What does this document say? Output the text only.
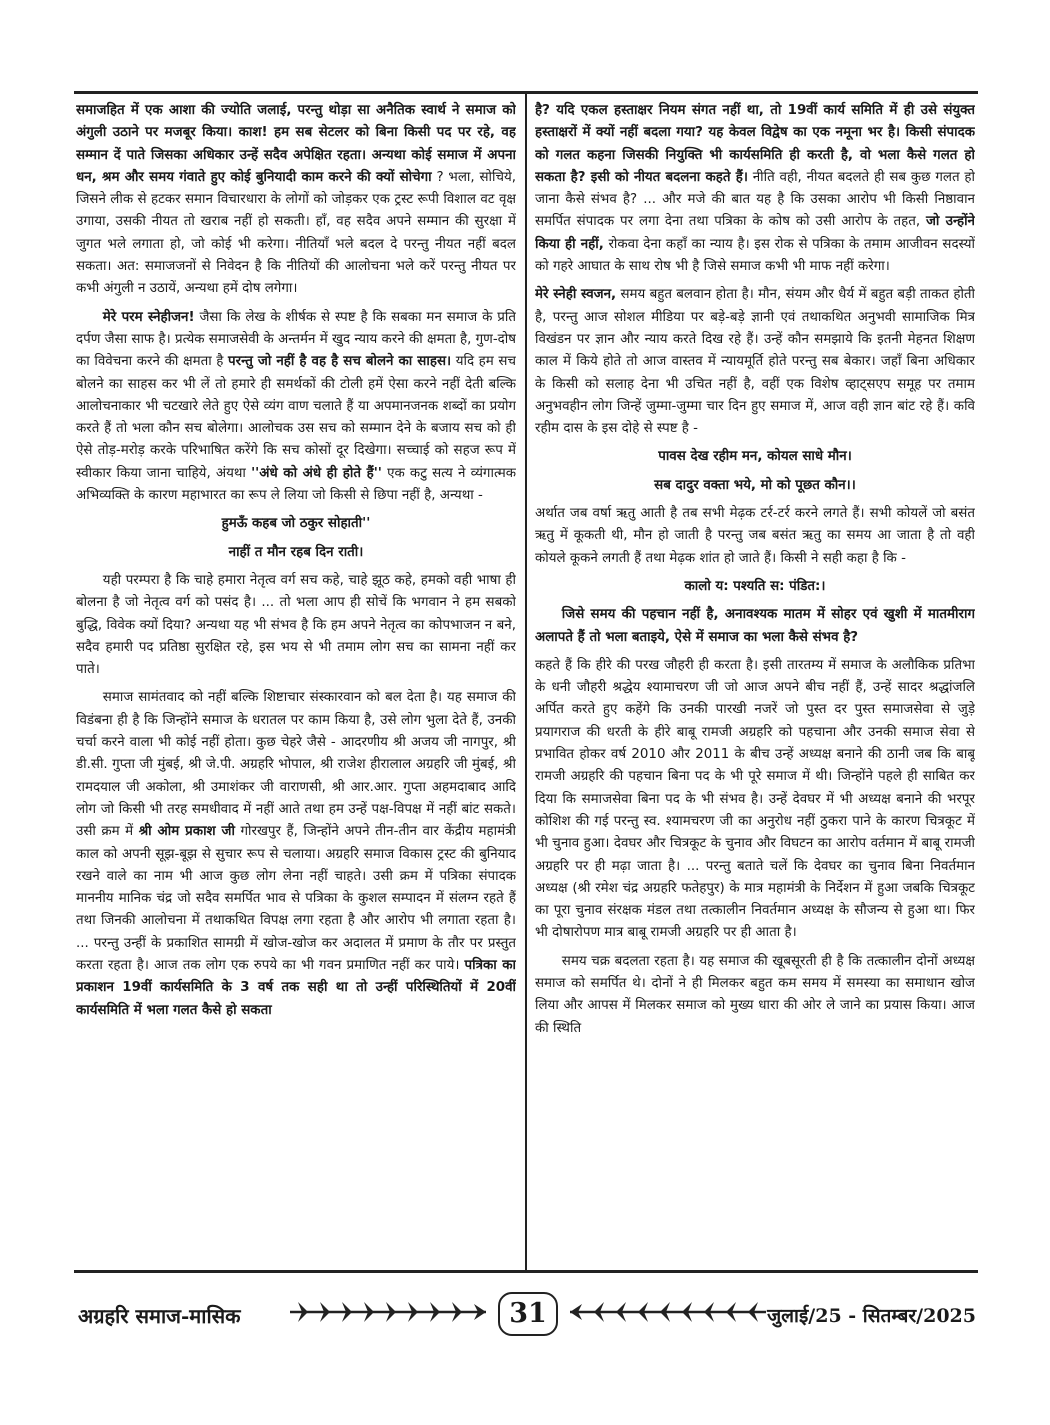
समाजहित में एक आशा की ज्योति जलाई, परन्तु थोड़ा सा अनैतिक स्वार्थ ने समाज को अंगुली उठाने पर मजबूर किया। काश! हम सब सेटलर को बिना किसी पद पर रहे, वह सम्मान दें पाते जिसका अधिकार उन्हें सदैव अपेक्षित रहता। अन्यथा कोई समाज में अपना धन, श्रम और समय गंवाते हुए कोई बुनियादी काम करने की क्यों सोचेगा ? भला, सोचिये, जिसने लीक से हटकर समान विचारधारा के लोगों को जोड़कर एक ट्रस्ट रूपी विशाल वट वृक्ष उगाया, उसकी नीयत तो खराब नहीं हो सकती। हाँ, वह सदैव अपने सम्मान की सुरक्षा में जुगत भले लगाता हो, जो कोई भी करेगा। नीतियाँ भले बदल दे परन्तु नीयत नहीं बदल सकता। अत: समाजजनों से निवेदन है कि नीतियों की आलोचना भले करें परन्तु नीयत पर कभी अंगुली न उठायें, अन्यथा हमें दोष लगेगा।

मेरे परम स्नेहीजन! जैसा कि लेख के शीर्षक से स्पष्ट है कि सबका मन समाज के प्रति दर्पण जैसा साफ है। प्रत्येक समाजसेवी के अन्तर्मन में खुद न्याय करने की क्षमता है, गुण-दोष का विवेचना करने की क्षमता है परन्तु जो नहीं है वह है सच बोलने का साहस। यदि हम सच बोलने का साहस कर भी लें तो हमारे ही समर्थकों की टोली हमें ऐसा करने नहीं देती बल्कि आलोचनाकार भी चटखारे लेते हुए ऐसे व्यंग वाण चलाते हैं या अपमानजनक शब्दों का प्रयोग करते हैं तो भला कौन सच बोलेगा। आलोचक उस सच को सम्मान देने के बजाय सच को ही ऐसे तोड़-मरोड़ करके परिभाषित करेंगे कि सच कोसों दूर दिखेगा। सच्चाई को सहज रूप में स्वीकार किया जाना चाहिये, अंयथा ''अंधे को अंधे ही होते हैं'' एक कटु सत्य ने व्यंगात्मक अभिव्यक्ति के कारण महाभारत का रूप ले लिया जो किसी से छिपा नहीं है, अन्यथा -

हुमऊँ कहब जो ठकुर सोहाती''
नाहीं त मौन रहब दिन राती।

यही परम्परा है कि चाहे हमारा नेतृत्व वर्ग सच कहे, चाहे झूठ कहे, हमको वही भाषा ही बोलना है जो नेतृत्व वर्ग को पसंद है। ... तो भला आप ही सोचें कि भगवान ने हम सबको बुद्धि, विवेक क्यों दिया? अन्यथा यह भी संभव है कि हम अपने नेतृत्व का कोपभाजन न बने, सदैव हमारी पद प्रतिष्ठा सुरक्षित रहे, इस भय से भी तमाम लोग सच का सामना नहीं कर पाते।

समाज सामंतवाद को नहीं बल्कि शिष्टाचार संस्कारवान को बल देता है। यह समाज की विडंबना ही है कि जिन्होंने समाज के धरातल पर काम किया है, उसे लोग भुला देते हैं, उनकी चर्चा करने वाला भी कोई नहीं होता। कुछ चेहरे जैसे - आदरणीय श्री अजय जी नागपुर, श्री डी.सी. गुप्ता जी मुंबई, श्री जे.पी. अग्रहरि भोपाल, श्री राजेश हीरालाल अग्रहरि जी मुंबई, श्री रामदयाल जी अकोला, श्री उमाशंकर जी वाराणसी, श्री आर.आर. गुप्ता अहमदाबाद आदि लोग जो किसी भी तरह समधीवाद में नहीं आते तथा हम उन्हें पक्ष-विपक्ष में नहीं बांट सकते। उसी क्रम में श्री ओम प्रकाश जी गोरखपुर हैं, जिन्होंने अपने तीन-तीन वार केंद्रीय महामंत्री काल को अपनी सूझ-बूझ से सुचार रूप से चलाया। अग्रहरि समाज विकास ट्रस्ट की बुनियाद रखने वाले का नाम भी आज कुछ लोग लेना नहीं चाहते। उसी क्रम में पत्रिका संपादक माननीय मानिक चंद्र जो सदैव समर्पित भाव से पत्रिका के कुशल सम्पादन में संलग्न रहते हैं तथा जिनकी आलोचना में तथाकथित विपक्ष लगा रहता है और आरोप भी लगाता रहता है। ... परन्तु उन्हीं के प्रकाशित सामग्री में खोज-खोज कर अदालत में प्रमाण के तौर पर प्रस्तुत करता रहता है। आज तक लोग एक रुपये का भी गवन प्रमाणित नहीं कर पाये। पत्रिका का प्रकाशन 19वीं कार्यसमिति के 3 वर्ष तक सही था तो उन्हीं परिस्थितियों में 20वीं कार्यसमिति में भला गलत कैसे हो सकता

है? यदि एकल हस्ताक्षर नियम संगत नहीं था, तो 19वीं कार्य समिति में ही उसे संयुक्त हस्ताक्षरों में क्यों नहीं बदला गया? यह केवल विद्वेष का एक नमूना भर है। किसी संपादक को गलत कहना जिसकी नियुक्ति भी कार्यसमिति ही करती है, वो भला कैसे गलत हो सकता है? इसी को नीयत बदलना कहते हैं। नीति वही, नीयत बदलते ही सब कुछ गलत हो जाना कैसे संभव है? ... और मजे की बात यह है कि उसका आरोप भी किसी निष्ठावान समर्पित संपादक पर लगा देना तथा पत्रिका के कोष को उसी आरोप के तहत, जो उन्होंने किया ही नहीं, रोकवा देना कहाँ का न्याय है। इस रोक से पत्रिका के तमाम आजीवन सदस्यों को गहरे आघात के साथ रोष भी है जिसे समाज कभी भी माफ नहीं करेगा।

मेरे स्नेही स्वजन, समय बहुत बलवान होता है। मौन, संयम और धैर्य में बहुत बड़ी ताकत होती है, परन्तु आज सोशल मीडिया पर बड़े-बड़े ज्ञानी एवं तथाकथित अनुभवी सामाजिक मित्र विखंडन पर ज्ञान और न्याय करते दिख रहे हैं। उन्हें कौन समझाये कि इतनी मेहनत शिक्षण काल में किये होते तो आज वास्तव में न्यायमूर्ति होते परन्तु सब बेकार। जहाँ बिना अधिकार के किसी को सलाह देना भी उचित नहीं है, वहीं एक विशेष व्हाट्सएप समूह पर तमाम अनुभवहीन लोग जिन्हें जुम्मा-जुम्मा चार दिन हुए समाज में, आज वही ज्ञान बांट रहे हैं। कवि रहीम दास के इस दोहे से स्पष्ट है -

पावस देख रहीम मन, कोयल साधे मौन।
सब दादुर वक्ता भये, मो को पूछत कौन।।

अर्थात जब वर्षा ऋतु आती है तब सभी मेढ़क टर्र-टर्र करने लगते हैं। सभी कोयलें जो बसंत ऋतु में कूकती थी, मौन हो जाती है परन्तु जब बसंत ऋतु का समय आ जाता है तो वही कोयले कूकने लगती हैं तथा मेढ़क शांत हो जाते हैं। किसी ने सही कहा है कि -

कालो य: पश्यति स: पंडित:।

जिसे समय की पहचान नहीं है, अनावश्यक मातम में सोहर एवं खुशी में मातमीराग अलापते हैं तो भला बताइये, ऐसे में समाज का भला कैसे संभव है?

कहते हैं कि हीरे की परख जौहरी ही करता है। इसी तारतम्य में समाज के अलौकिक प्रतिभा के धनी जौहरी श्रद्धेय श्यामाचरण जी जो आज अपने बीच नहीं हैं, उन्हें सादर श्रद्धांजलि अर्पित करते हुए कहेंगे कि उनकी पारखी नजरें जो पुस्त दर पुस्त समाजसेवा से जुड़े प्रयागराज की धरती के हीरे बाबू रामजी अग्रहरि को पहचाना और उनकी समाज सेवा से प्रभावित होकर वर्ष 2010 और 2011 के बीच उन्हें अध्यक्ष बनाने की ठानी जब कि बाबू रामजी अग्रहरि की पहचान बिना पद के भी पूरे समाज में थी। जिन्होंने पहले ही साबित कर दिया कि समाजसेवा बिना पद के भी संभव है। उन्हें देवघर में भी अध्यक्ष बनाने की भरपूर कोशिश की गई परन्तु स्व. श्यामचरण जी का अनुरोध नहीं ठुकरा पाने के कारण चित्रकूट में भी चुनाव हुआ। देवघर और चित्रकूट के चुनाव और विघटन का आरोप वर्तमान में बाबू रामजी अग्रहरि पर ही मढ़ा जाता है। ... परन्तु बताते चलें कि देवघर का चुनाव बिना निवर्तमान अध्यक्ष (श्री रमेश चंद्र अग्रहरि फतेहपुर) के मात्र महामंत्री के निर्देशन में हुआ जबकि चित्रकूट का पूरा चुनाव संरक्षक मंडल तथा तत्कालीन निवर्तमान अध्यक्ष के सौजन्य से हुआ था। फिर भी दोषारोपण मात्र बाबू रामजी अग्रहरि पर ही आता है।

समय चक्र बदलता रहता है। यह समाज की खूबसूरती ही है कि तत्कालीन दोनों अध्यक्ष समाज को समर्पित थे। दोनों ने ही मिलकर बहुत कम समय में समस्या का समाधान खोज लिया और आपस में मिलकर समाज को मुख्य धारा की ओर ले जाने का प्रयास किया। आज की स्थिति

अग्रहरि समाज-मासिक	31	जुलाई/25 - सितम्बर/2025
